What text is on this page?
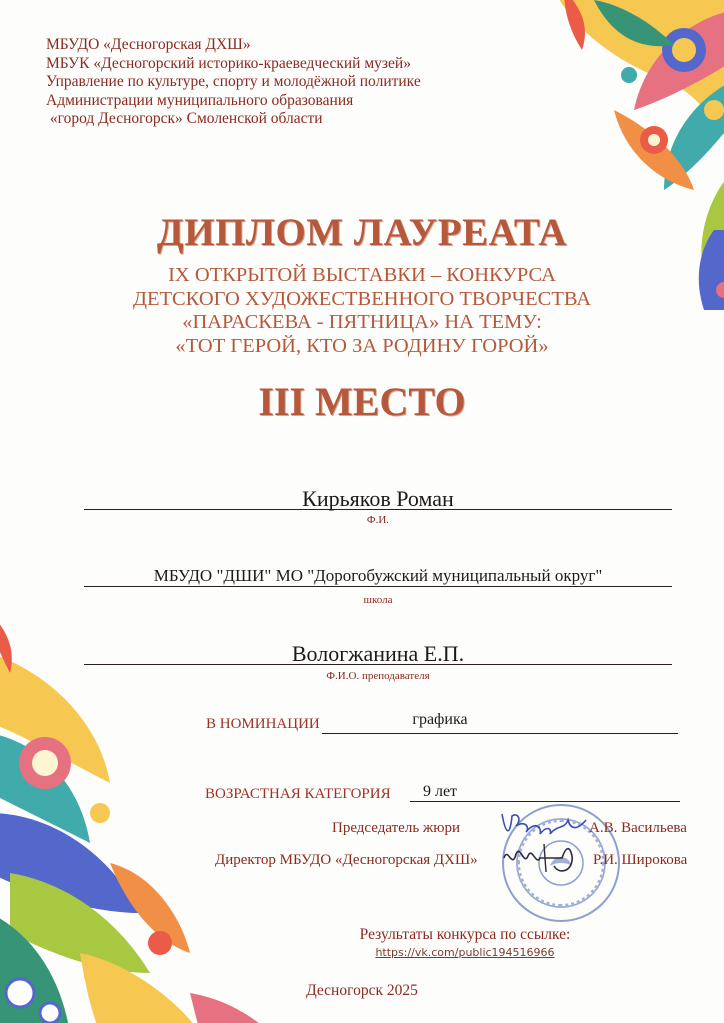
МБУДО «Десногорская ДХШ»
МБУК «Десногорский историко-краеведческий музей»
Управление по культуре, спорту и молодёжной политике
Администрации муниципального образования
«город Десногорск» Смоленской области
ДИПЛОМ ЛАУРЕАТА
IX ОТКРЫТОЙ ВЫСТАВКИ – КОНКУРСА
ДЕТСКОГО ХУДОЖЕСТВЕННОГО ТВОРЧЕСТВА
«ПАРАСКЕВА - ПЯТНИЦА» НА ТЕМУ:
«ТОТ ГЕРОЙ, КТО ЗА РОДИНУ ГОРОЙ»
III МЕСТО
Кирьяков Роман
Ф.И.
МБУДО "ДШИ" МО "Дорогобужский муниципальный округ"
школа
Вологжанина Е.П.
Ф.И.О. преподавателя
В НОМИНАЦИИ	графика
ВОЗРАСТНАЯ КАТЕГОРИЯ	9 лет
Председатель жюри	А.В. Васильева
Директор МБУДО «Десногорская ДХШ»	Р.И. Широкова
Результаты конкурса по ссылке:
https://vk.com/public194516966
Десногорск 2025
